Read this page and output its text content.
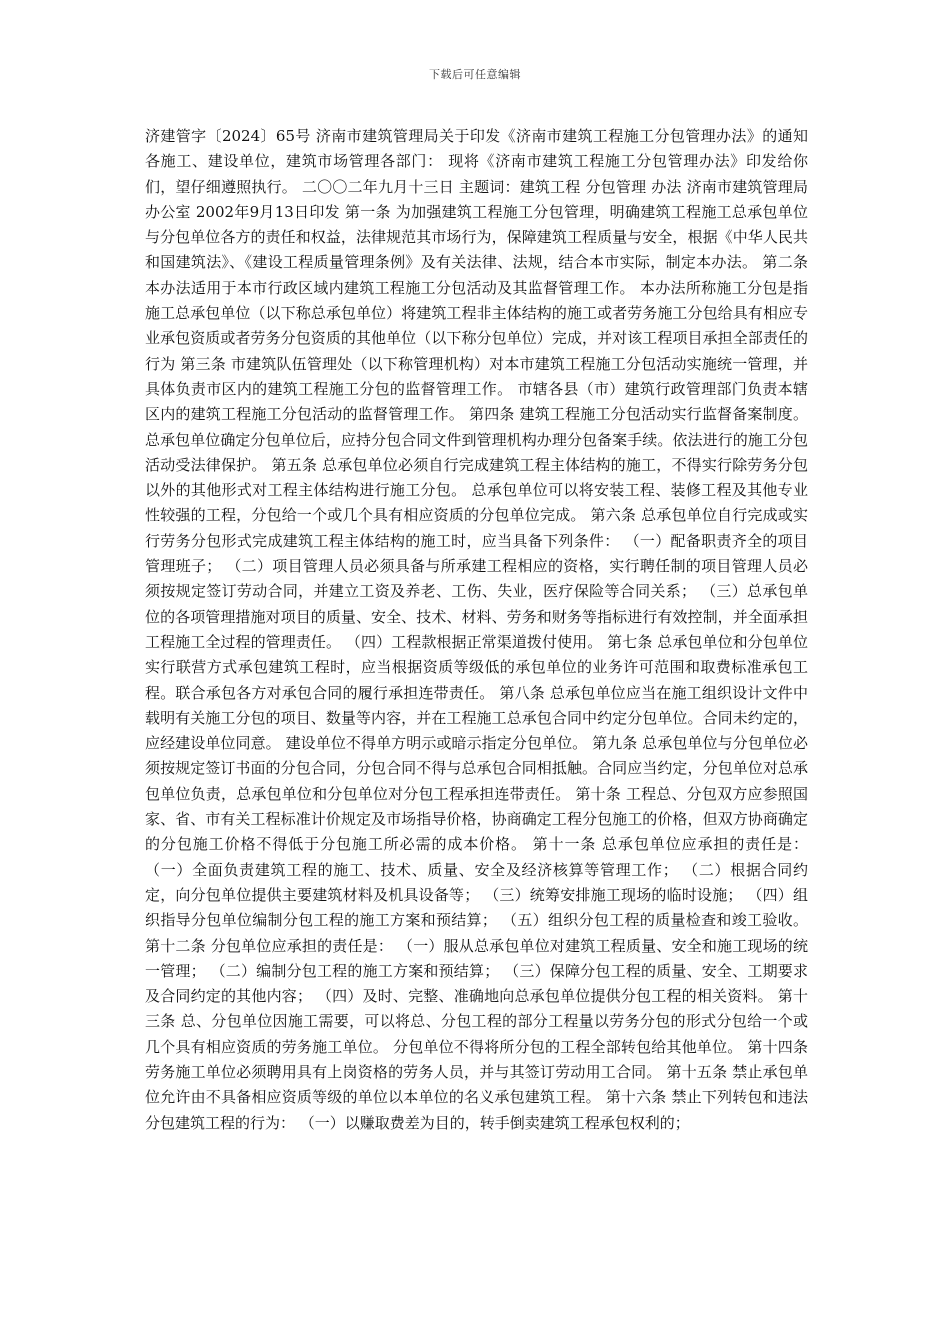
下载后可任意编辑

济建管字〔2024〕65号 济南市建筑管理局关于印发《济南市建筑工程施工分包管理办法》的通知 各施工、建设单位，建筑市场管理各部门： 现将《济南市建筑工程施工分包管理办法》印发给你们，望仔细遵照执行。 二〇〇二年九月十三日 主题词：建筑工程 分包管理 办法 济南市建筑管理局办公室 2002年9月13日印发 第一条 为加强建筑工程施工分包管理，明确建筑工程施工总承包单位与分包单位各方的责任和权益，法律规范其市场行为，保障建筑工程质量与安全，根据《中华人民共和国建筑法》、《建设工程质量管理条例》及有关法律、法规，结合本市实际，制定本办法。 第二条 本办法适用于本市行政区域内建筑工程施工分包活动及其监督管理工作。 本办法所称施工分包是指施工总承包单位（以下称总承包单位）将建筑工程非主体结构的施工或者劳务施工分包给具有相应专业承包资质或者劳务分包资质的其他单位（以下称分包单位）完成，并对该工程项目承担全部责任的行为 第三条 市建筑队伍管理处（以下称管理机构）对本市建筑工程施工分包活动实施统一管理，并具体负责市区内的建筑工程施工分包的监督管理工作。 市辖各县（市）建筑行政管理部门负责本辖区内的建筑工程施工分包活动的监督管理工作。 第四条 建筑工程施工分包活动实行监督备案制度。总承包单位确定分包单位后，应持分包合同文件到管理机构办理分包备案手续。依法进行的施工分包活动受法律保护。 第五条 总承包单位必须自行完成建筑工程主体结构的施工，不得实行除劳务分包以外的其他形式对工程主体结构进行施工分包。 总承包单位可以将安装工程、装修工程及其他专业性较强的工程，分包给一个或几个具有相应资质的分包单位完成。 第六条 总承包单位自行完成或实行劳务分包形式完成建筑工程主体结构的施工时，应当具备下列条件： （一）配备职责齐全的项目管理班子； （二）项目管理人员必须具备与所承建工程相应的资格，实行聘任制的项目管理人员必须按规定签订劳动合同，并建立工资及养老、工伤、失业，医疗保险等合同关系； （三）总承包单位的各项管理措施对项目的质量、安全、技术、材料、劳务和财务等指标进行有效控制，并全面承担工程施工全过程的管理责任。 （四）工程款根据正常渠道拨付使用。 第七条 总承包单位和分包单位实行联营方式承包建筑工程时，应当根据资质等级低的承包单位的业务许可范围和取费标准承包工程。联合承包各方对承包合同的履行承担连带责任。 第八条 总承包单位应当在施工组织设计文件中载明有关施工分包的项目、数量等内容，并在工程施工总承包合同中约定分包单位。合同未约定的，应经建设单位同意。 建设单位不得单方明示或暗示指定分包单位。 第九条 总承包单位与分包单位必须按规定签订书面的分包合同，分包合同不得与总承包合同相抵触。合同应当约定，分包单位对总承包单位负责，总承包单位和分包单位对分包工程承担连带责任。 第十条 工程总、分包双方应参照国家、省、市有关工程标准计价规定及市场指导价格，协商确定工程分包施工的价格，但双方协商确定的分包施工价格不得低于分包施工所必需的成本价格。 第十一条 总承包单位应承担的责任是： （一）全面负责建筑工程的施工、技术、质量、安全及经济核算等管理工作； （二）根据合同约定，向分包单位提供主要建筑材料及机具设备等； （三）统筹安排施工现场的临时设施； （四）组织指导分包单位编制分包工程的施工方案和预结算； （五）组织分包工程的质量检查和竣工验收。 第十二条 分包单位应承担的责任是： （一）服从总承包单位对建筑工程质量、安全和施工现场的统一管理； （二）编制分包工程的施工方案和预结算； （三）保障分包工程的质量、安全、工期要求及合同约定的其他内容； （四）及时、完整、准确地向总承包单位提供分包工程的相关资料。 第十三条 总、分包单位因施工需要，可以将总、分包工程的部分工程量以劳务分包的形式分包给一个或几个具有相应资质的劳务施工单位。 分包单位不得将所分包的工程全部转包给其他单位。 第十四条 劳务施工单位必须聘用具有上岗资格的劳务人员，并与其签订劳动用工合同。 第十五条 禁止承包单位允许由不具备相应资质等级的单位以本单位的名义承包建筑工程。 第十六条 禁止下列转包和违法分包建筑工程的行为： （一）以赚取费差为目的，转手倒卖建筑工程承包权利的；
